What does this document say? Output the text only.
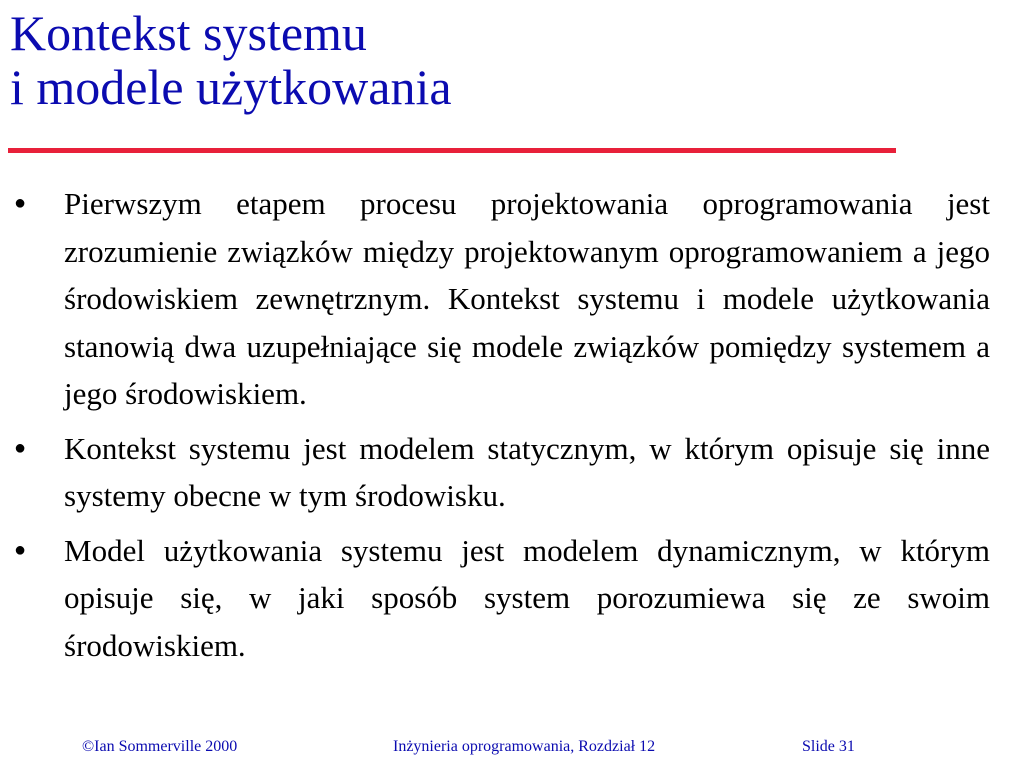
Kontekst systemu
i modele użytkowania
● Pierwszym etapem procesu projektowania oprogramowania jest zrozumienie związków między projektowanym oprogramowaniem a jego środowiskiem zewnętrznym. Kontekst systemu i modele użytkowania stanowią dwa uzupełniające się modele związków pomiędzy systemem a jego środowiskiem.
● Kontekst systemu jest modelem statycznym, w którym opisuje się inne systemy obecne w tym środowisku.
● Model użytkowania systemu jest modelem dynamicznym, w którym opisuje się, w jaki sposób system porozumiewa się ze swoim środowiskiem.
©Ian Sommerville 2000	Inżynieria oprogramowania, Rozdział 12	Slide 31
